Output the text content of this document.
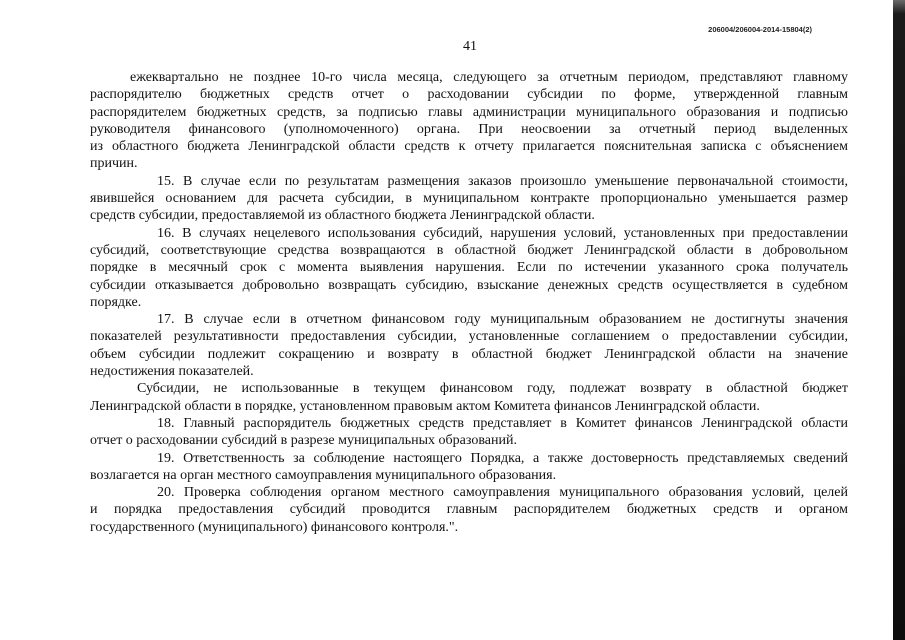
206004/206004-2014-15804(2)
41
ежеквартально не позднее 10-го числа месяца, следующего за отчетным периодом, представляют главному
распорядителю бюджетных средств отчет о расходовании субсидии по форме, утвержденной главным
распорядителем бюджетных средств, за подписью главы администрации муниципального образования и подписью
руководителя финансового (уполномоченного) органа. При неосвоении за отчетный период выделенных
из областного бюджета Ленинградской области средств к отчету прилагается пояснительная записка с объяснением
причин.
15. В случае если по результатам размещения заказов произошло уменьшение первоначальной стоимости,
явившейся основанием для расчета субсидии, в муниципальном контракте пропорционально уменьшается размер
средств субсидии, предоставляемой из областного бюджета Ленинградской области.
16. В случаях нецелевого использования субсидий, нарушения условий, установленных при предоставлении
субсидий, соответствующие средства возвращаются в областной бюджет Ленинградской области в добровольном
порядке в месячный срок с момента выявления нарушения. Если по истечении указанного срока получатель
субсидии отказывается добровольно возвращать субсидию, взыскание денежных средств осуществляется в судебном
порядке.
17. В случае если в отчетном финансовом году муниципальным образованием не достигнуты значения
показателей результативности предоставления субсидии, установленные соглашением о предоставлении субсидии,
объем субсидии подлежит сокращению и возврату в областной бюджет Ленинградской области на значение
недостижения показателей.
Субсидии, не использованные в текущем финансовом году, подлежат возврату в областной бюджет
Ленинградской области в порядке, установленном правовым актом Комитета финансов Ленинградской области.
18. Главный распорядитель бюджетных средств представляет в Комитет финансов Ленинградской области
отчет о расходовании субсидий в разрезе муниципальных образований.
19. Ответственность за соблюдение настоящего Порядка, а также достоверность представляемых сведений
возлагается на орган местного самоуправления муниципального образования.
20. Проверка соблюдения органом местного самоуправления муниципального образования условий, целей
и порядка предоставления субсидий проводится главным распорядителем бюджетных средств и органом
государственного (муниципального) финансового контроля.".
